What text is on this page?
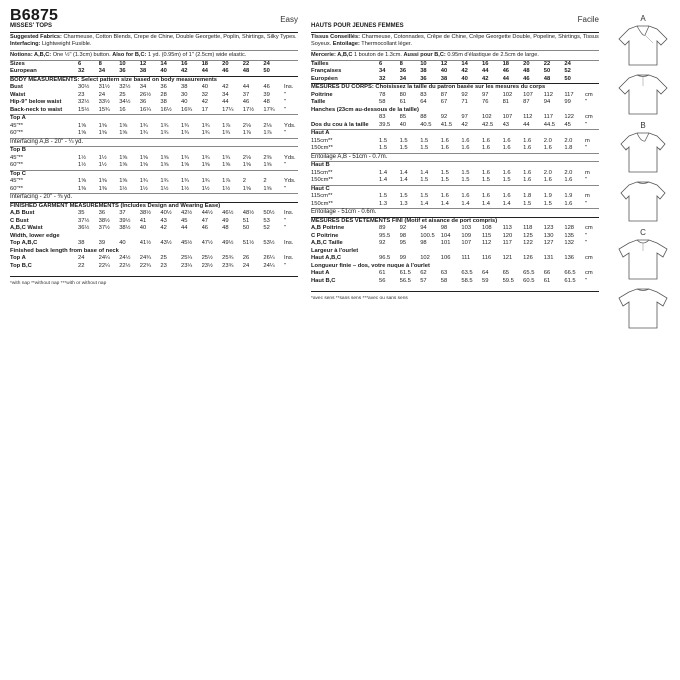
B6875	Easy
MISSES' TOPS
Suggested Fabrics: Charmeuse, Cotton Blends, Crepe de Chine, Double Georgette, Poplin, Shirtings, Silky Types. Interfacing: Lightweight Fusible.
Notions: A,B,C: One ½" (1.3cm) button. Also for B,C: 1 yd. (0.95m) of 1" (2.5cm) wide elastic.
Sizes	6	8	10	12	14	16	18	20	22	24	
European	32	34	36	38	40	42	44	46	48	50	
BODY MEASUREMENTS: Select pattern size based on body measurements
Bust	30½	31½	32½	34	36	38	40	42	44	46	Ins.
Waist	23	24	25	26½	28	30	32	34	37	39	"
Hip-9" below waist	32½	33½	34½	36	38	40	42	44	46	48	"
Back-neck to waist	15½	15¾	16	16¼	16½	16¾	17	17¼	17½	17¾	"
Top A
45"**	1⅝	1⅝	1⅝	1¾	1¾	1¾	1¾	1⅞	2⅛	2⅛	Yds.
60"**	1⅝	1⅝	1⅝	1¾	1¾	1¾	1¾	1¾	1⅞	1⅞	"
Interfacing A,B - 20" - ¼ yd.
Top B
45"**	1½	1½	1⅝	1⅝	1⅝	1¾	1¾	1¾	2⅛	2⅜	Yds.
60"**	1½	1½	1⅝	1⅝	1⅝	1⅝	1⅝	1⅝	1⅝	1⅝	"
Top C
45"**	1⅝	1⅝	1⅝	1¾	1¾	1¾	1¾	1⅞	2	2	Yds.
60"**	1⅜	1⅜	1½	1½	1½	1½	1½	1½	1⅝	1⅝	"
Interfacing - 20" - ⅜ yd.
FINISHED GARMENT MEASUREMENTS (Includes Design and Wearing Ease)
A,B Bust	35	36	37	38½	40½	42½	44½	46½	48½	50½	Ins.
C Bust	37½	38½	39½	41	43	45	47	49	51	53	"
A,B,C Waist	36½	37½	38½	40	42	44	46	48	50	52	"
Width, lower edge
Top A,B,C	38	39	40	41½	43½	45½	47½	49½	51½	53½	Ins.
Finished back length from base of neck
Top A	24	24¼	24½	24¾	25	25¼	25½	25¾	26	26¼	Ins.
Top B,C	22	22¼	22½	22¾	23	23¼	23½	23¾	24	24¼	"
*with nap **without nap ***with or without nap
Facile
HAUTS POUR JEUNES FEMMES
Tissus Conseillés: Charmeuse, Cotonnades, Crêpe de Chine, Crêpe Georgette Double, Popeline, Shirtings, Tissus Soyeux. Entoilage: Thermocollant léger.
Mercerie: A,B,C 1 bouton de 1.3cm. Aussi pour B,C: 0.95m d'élastique de 2.5cm de large.
Tailles	6	8	10	12	14	16	18	20	22	24	
Françaises	34	36	38	40	42	44	46	48	50	52	
Européen	32	34	36	38	40	42	44	46	48	50	
MESURES DU CORPS: Choisissez la taille du patron basée sur les mesures du corps
Poitrine	78	80	83	87	92	97	102	107	112	117	cm
Taille	58	61	64	67	71	76	81	87	94	99	"
Hanches (23cm au-dessous de la taille)
	83	85	88	92	97	102	107	112	117	122	cm
Dos du cou à la taille	39.5	40	40.5	41.5	42	42.5	43	44	44.5	45	"
Haut A
115cm**	1.5	1.5	1.5	1.6	1.6	1.6	1.6	1.6	2.0	2.0	m
150cm**	1.5	1.5	1.5	1.6	1.6	1.6	1.6	1.6	1.6	1.8	"
Entoilage A,B - 51cm - 0.7m.
Haut B
115cm**	1.4	1.4	1.4	1.5	1.5	1.6	1.6	1.6	2.0	2.0	m
150cm**	1.4	1.4	1.5	1.5	1.5	1.5	1.5	1.6	1.6	1.6	"
Haut C
115cm**	1.5	1.5	1.5	1.6	1.6	1.6	1.6	1.8	1.9	1.9	m
150cm**	1.3	1.3	1.4	1.4	1.4	1.4	1.4	1.5	1.5	1.6	"
Entoilage - 51cm - 0.6m.
MESURES DES VÊTEMENTS FINI (Motif et aisance de port compris)
A,B Poitrine	89	92	94	98	103	108	113	118	123	128	cm
C Poitrine	95.5	98	100.5	104	109	115	120	125	130	135	"
A,B,C Taille	92	95	98	101	107	112	117	122	127	132	"
Largeur à l'ourlet
Haut A,B,C	96.5	99	102	106	111	116	121	126	131	136	cm
Longueur finie – dos, votre nuque à l'ourlet
Haut A	61	61.5	62	63	63.5	64	65	65.5	66	66.5	cm
Haut B,C	56	56.5	57	58	58.5	59	59.5	60.5	61	61.5	"
*avec sens **sans sens ***avec ou sans sens
A
B
C
